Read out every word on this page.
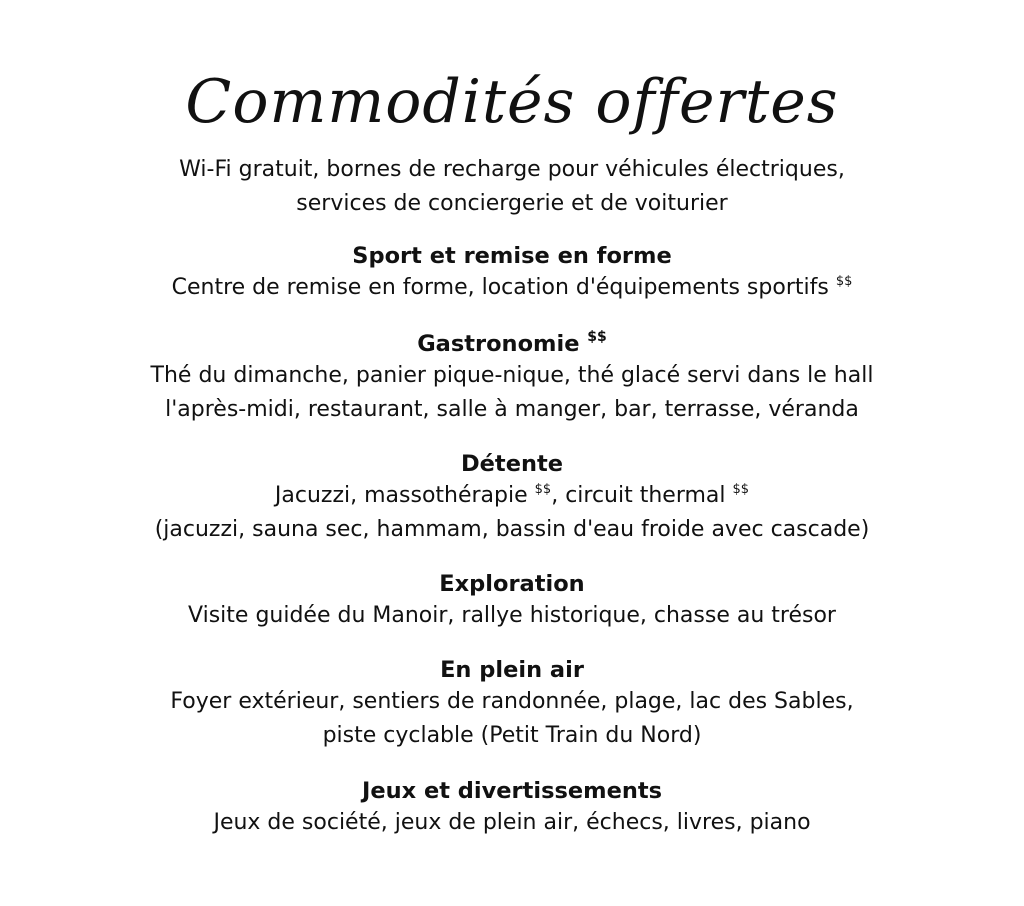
Commodités offertes
Wi-Fi gratuit, bornes de recharge pour véhicules électriques,
services de conciergerie et de voiturier
Sport et remise en forme
Centre de remise en forme, location d'équipements sportifs $$
Gastronomie $$
Thé du dimanche, panier pique-nique, thé glacé servi dans le hall
l'après-midi, restaurant, salle à manger, bar, terrasse, véranda
Détente
Jacuzzi, massothérapie $$, circuit thermal $$
(jacuzzi, sauna sec, hammam, bassin d'eau froide avec cascade)
Exploration
Visite guidée du Manoir, rallye historique, chasse au trésor
En plein air
Foyer extérieur, sentiers de randonnée, plage, lac des Sables,
piste cyclable (Petit Train du Nord)
Jeux et divertissements
Jeux de société, jeux de plein air, échecs, livres, piano
